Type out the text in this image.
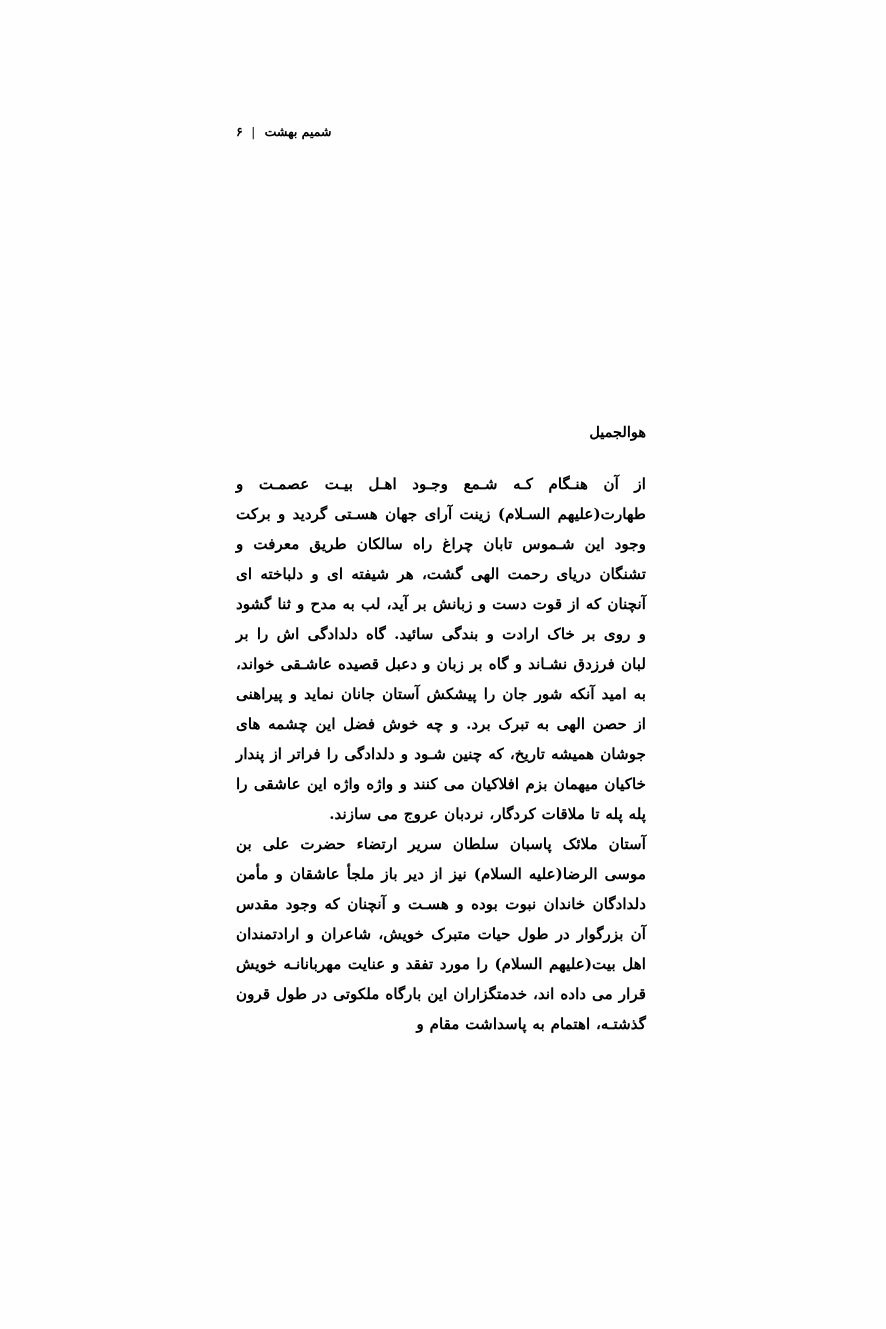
شمیم بهشت | ۶

هوالجمیل

از آن هنـگام کـه شـمع وجـود اهـل بیـت عصمـت و طهارت(علیهم السـلام) زینت آرای جهان هسـتی گردید و برکت وجود این شـموس تابان چراغ راه سالکان طریق معرفت و تشنگان دریای رحمت الهی گشت، هر شیفته ای و دلباخته ای آنچنان که از قوت دست و زبانش بر آید، لب به مدح و ثنا گشود و روی بر خاک ارادت و بندگی سائید. گاه دلدادگی اش را بر لبان فرزدق نشـاند و گاه بر زبان و دعبل قصیده عاشـقی خواند، به امید آنکه شور جان را پیشکش آستان جانان نماید و پیراهنی از حصن الهی به تبرک برد. و چه خوش فضل این چشمه های جوشان همیشه تاریخ، که چنین شـود و دلدادگی را فراتر از پندار خاکیان میهمان بزم افلاکیان می کنند و واژه واژه این عاشقی را پله پله تا ملاقات کردگار، نردبان عروج می سازند.

آستان ملائک پاسبان سلطان سریر ارتضاء حضرت علی بن موسی الرضا(علیه السلام) نیز از دیر باز ملجأ عاشقان و مأمن دلدادگان خاندان نبوت بوده و هسـت و آنچنان که وجود مقدس آن بزرگوار در طول حیات متبرک خویش، شاعران و ارادتمندان اهل بیت(علیهم السلام) را مورد تفقد و عنایت مهربانانـه خویش قرار می داده اند، خدمتگزاران این بارگاه ملکوتی در طول قرون گذشتـه، اهتمام به پاسداشت مقام و
